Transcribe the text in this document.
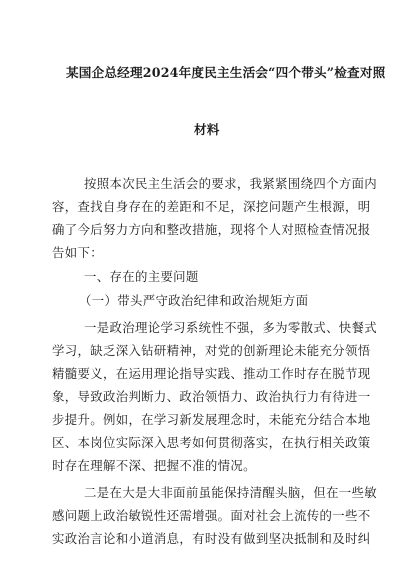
某国企总经理2024年度民主生活会“四个带头”检查对照
材料
按照本次民主生活会的要求，我紧紧围绕四个方面内
容，查找自身存在的差距和不足，深挖问题产生根源，明
确了今后努力方向和整改措施，现将个人对照检查情况报
告如下：
一、存在的主要问题
（一）带头严守政治纪律和政治规矩方面
一是政治理论学习系统性不强，多为零散式、快餐式
学习，缺乏深入钻研精神，对党的创新理论未能充分领悟
精髓要义，在运用理论指导实践、推动工作时存在脱节现
象，导致政治判断力、政治领悟力、政治执行力有待进一
步提升。例如，在学习新发展理念时，未能充分结合本地
区、本岗位实际深入思考如何贯彻落实，在执行相关政策
时存在理解不深、把握不准的情况。
二是在大是大非面前虽能保持清醒头脑，但在一些敏
感问题上政治敏锐性还需增强。面对社会上流传的一些不
实政治言论和小道消息，有时没有做到坚决抵制和及时纠
